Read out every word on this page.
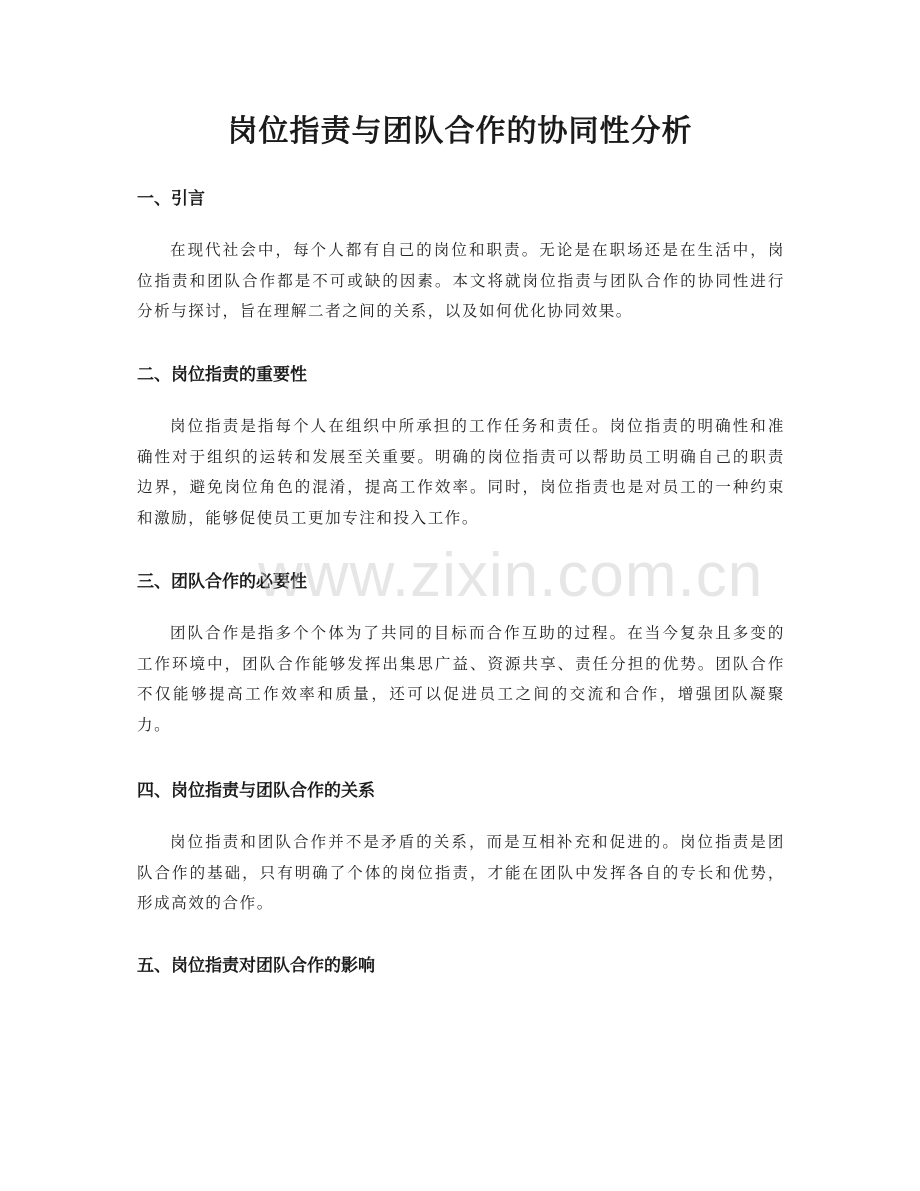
岗位指责与团队合作的协同性分析
一、引言

在现代社会中，每个人都有自己的岗位和职责。无论是在职场还是在生活中，岗位指责和团队合作都是不可或缺的因素。本文将就岗位指责与团队合作的协同性进行分析与探讨，旨在理解二者之间的关系，以及如何优化协同效果。

二、岗位指责的重要性

岗位指责是指每个人在组织中所承担的工作任务和责任。岗位指责的明确性和准确性对于组织的运转和发展至关重要。明确的岗位指责可以帮助员工明确自己的职责边界，避免岗位角色的混淆，提高工作效率。同时，岗位指责也是对员工的一种约束和激励，能够促使员工更加专注和投入工作。

三、团队合作的必要性

团队合作是指多个个体为了共同的目标而合作互助的过程。在当今复杂且多变的工作环境中，团队合作能够发挥出集思广益、资源共享、责任分担的优势。团队合作不仅能够提高工作效率和质量，还可以促进员工之间的交流和合作，增强团队凝聚力。

四、岗位指责与团队合作的关系

岗位指责和团队合作并不是矛盾的关系，而是互相补充和促进的。岗位指责是团队合作的基础，只有明确了个体的岗位指责，才能在团队中发挥各自的专长和优势，形成高效的合作。

五、岗位指责对团队合作的影响
www.zixin.com.cn
